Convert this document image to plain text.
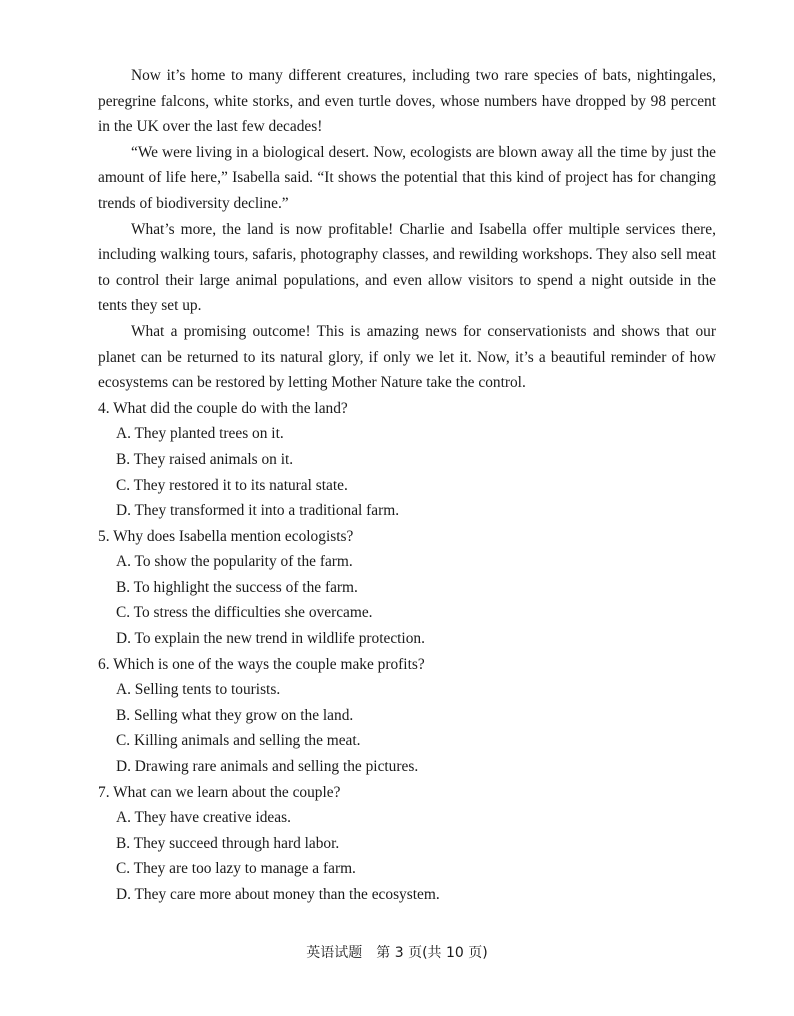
Now it’s home to many different creatures, including two rare species of bats, nightingales, peregrine falcons, white storks, and even turtle doves, whose numbers have dropped by 98 percent in the UK over the last few decades!

“We were living in a biological desert. Now, ecologists are blown away all the time by just the amount of life here,” Isabella said. “It shows the potential that this kind of project has for changing trends of biodiversity decline.”

What’s more, the land is now profitable! Charlie and Isabella offer multiple services there, including walking tours, safaris, photography classes, and rewilding workshops. They also sell meat to control their large animal populations, and even allow visitors to spend a night outside in the tents they set up.

What a promising outcome! This is amazing news for conservationists and shows that our planet can be returned to its natural glory, if only we let it. Now, it’s a beautiful reminder of how ecosystems can be restored by letting Mother Nature take the control.

4. What did the couple do with the land?

A. They planted trees on it.

B. They raised animals on it.

C. They restored it to its natural state.

D. They transformed it into a traditional farm.

5. Why does Isabella mention ecologists?

A. To show the popularity of the farm.

B. To highlight the success of the farm.

C. To stress the difficulties she overcame.

D. To explain the new trend in wildlife protection.

6. Which is one of the ways the couple make profits?

A. Selling tents to tourists.

B. Selling what they grow on the land.

C. Killing animals and selling the meat.

D. Drawing rare animals and selling the pictures.

7. What can we learn about the couple?

A. They have creative ideas.

B. They succeed through hard labor.

C. They are too lazy to manage a farm.

D. They care more about money than the ecosystem.

英语试题　第 3 页(共 10 页)
